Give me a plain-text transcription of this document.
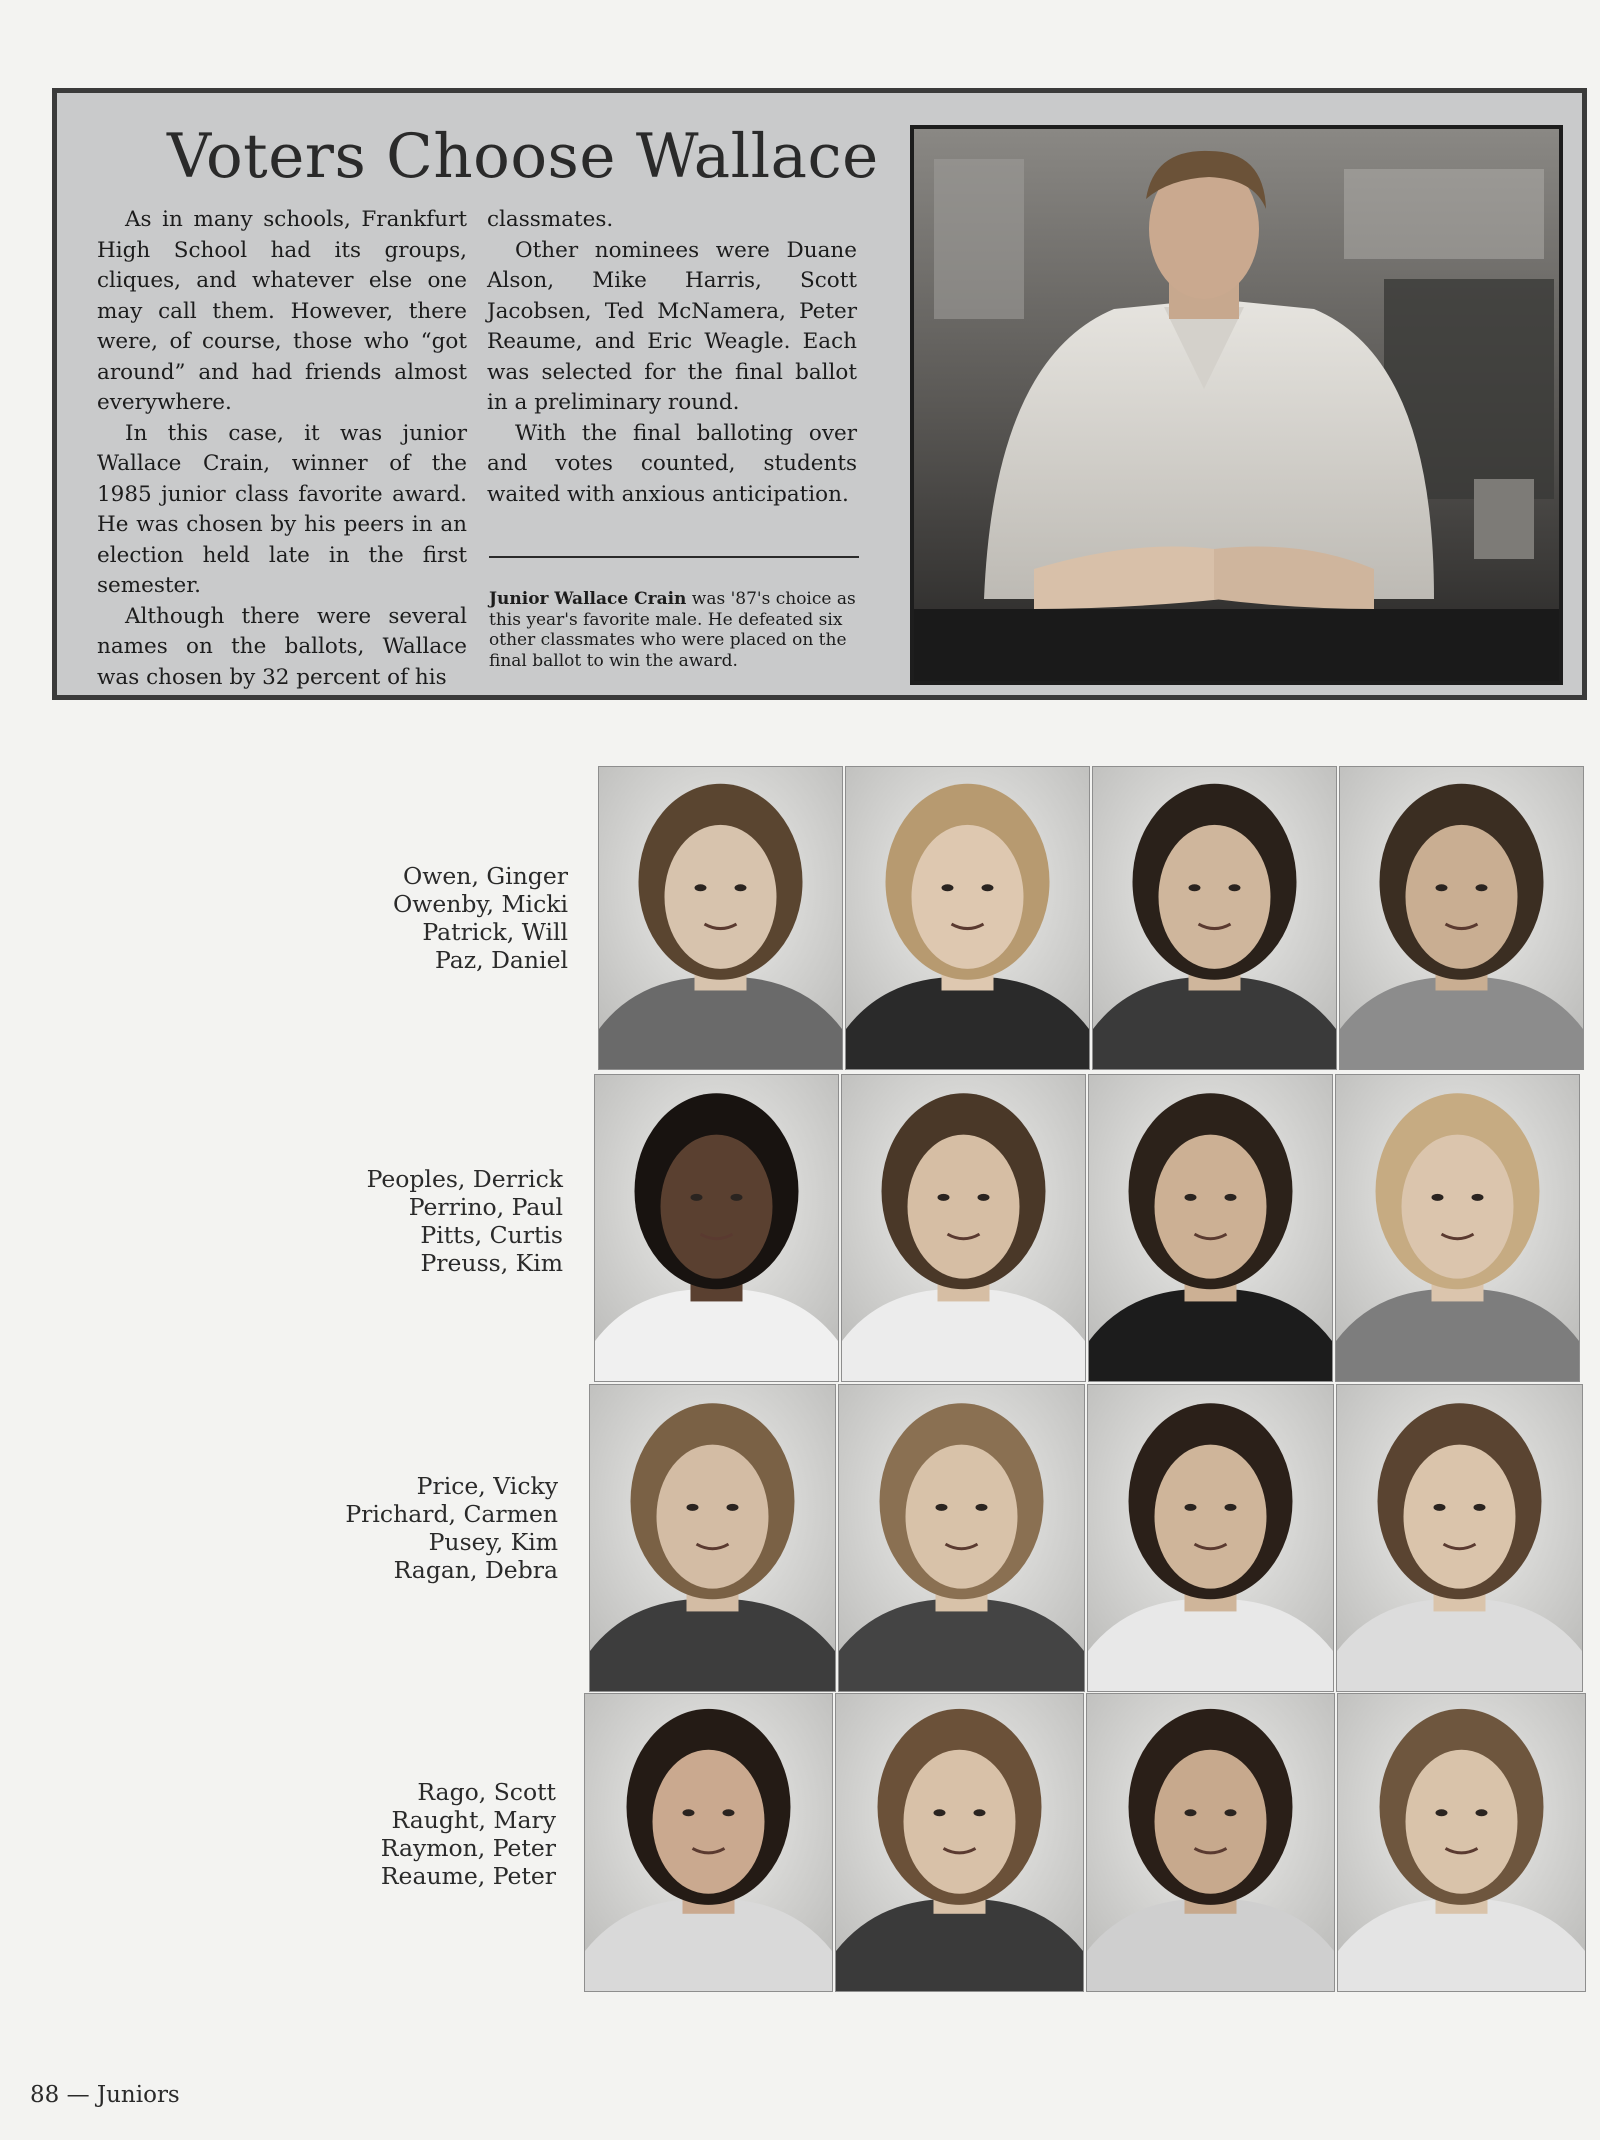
Voters Choose Wallace

As in many schools, Frankfurt High School had its groups, cliques, and whatever else one may call them. However, there were, of course, those who “got around” and had friends almost everywhere.

In this case, it was junior Wallace Crain, winner of the 1985 junior class favorite award. He was chosen by his peers in an election held late in the first semester.

Although there were several names on the ballots, Wallace was chosen by 32 percent of his

classmates.

Other nominees were Duane Alson, Mike Harris, Scott Jacobsen, Ted McNamera, Peter Reaume, and Eric Weagle. Each was selected for the final ballot in a preliminary round.

With the final balloting over and votes counted, students waited with anxious anticipation.

Junior Wallace Crain was '87's choice as this year's favorite male. He defeated six other classmates who were placed on the final ballot to win the award.
Owen, Ginger
Owenby, Micki
Patrick, Will
Paz, Daniel
Peoples, Derrick
Perrino, Paul
Pitts, Curtis
Preuss, Kim
Price, Vicky
Prichard, Carmen
Pusey, Kim
Ragan, Debra
Rago, Scott
Raught, Mary
Raymon, Peter
Reaume, Peter
88 — Juniors
